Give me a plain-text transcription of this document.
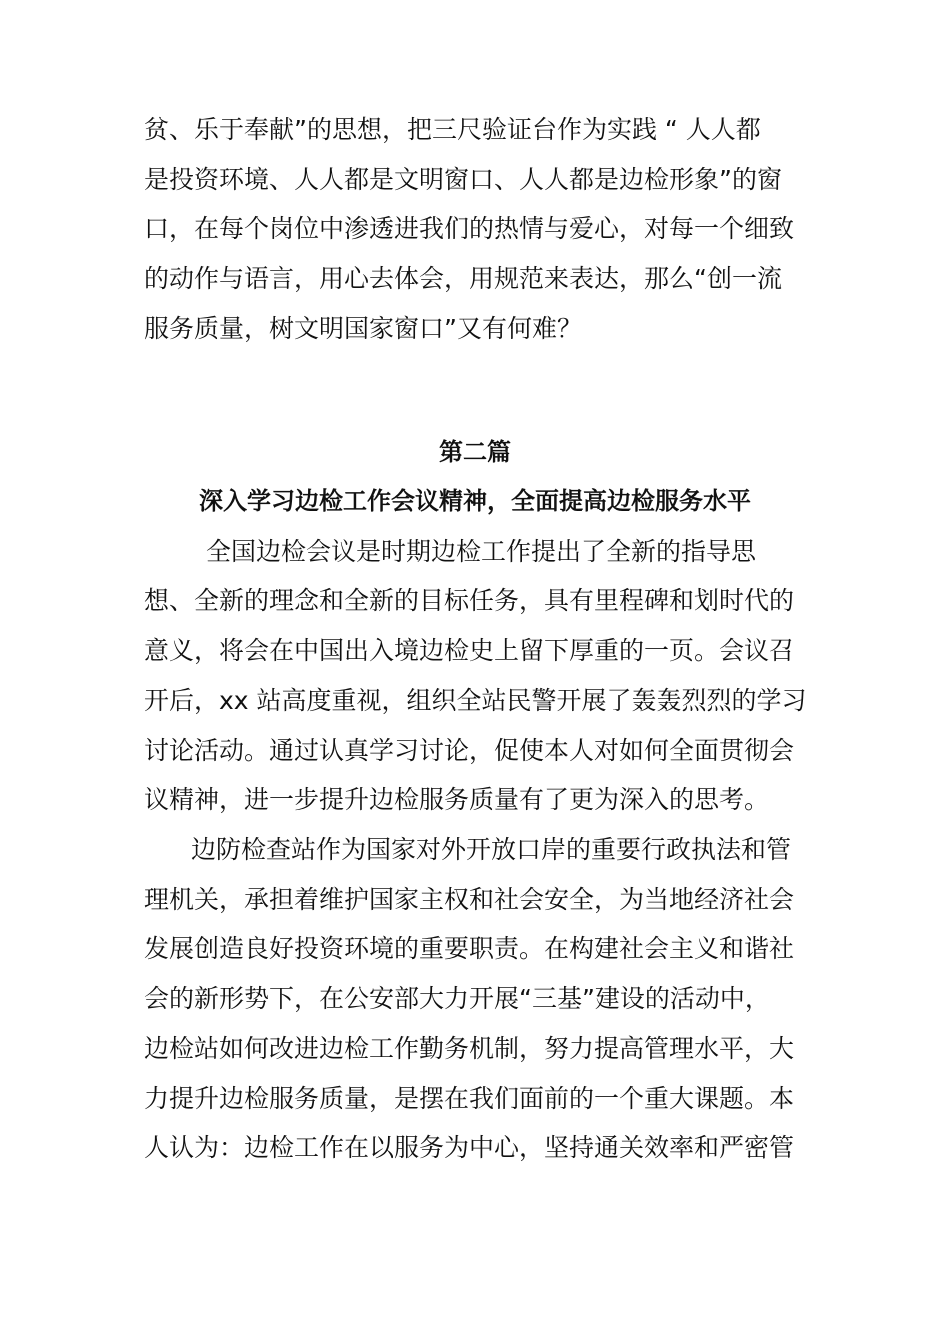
贫、乐于奉献”的思想，把三尺验证台作为实践 “ 人人都
是投资环境、人人都是文明窗口、人人都是边检形象”的窗
口，在每个岗位中渗透进我们的热情与爱心，对每一个细致
的动作与语言，用心去体会，用规范来表达，那么“创一流
服务质量，树文明国家窗口”又有何难？
第二篇
深入学习边检工作会议精神，全面提高边检服务水平
全国边检会议是时期边检工作提出了全新的指导思
想、全新的理念和全新的目标任务，具有里程碑和划时代的
意义，将会在中国出入境边检史上留下厚重的一页。会议召
开后，xx 站高度重视，组织全站民警开展了轰轰烈烈的学习
讨论活动。通过认真学习讨论，促使本人对如何全面贯彻会
议精神，进一步提升边检服务质量有了更为深入的思考。
边防检查站作为国家对外开放口岸的重要行政执法和管
理机关，承担着维护国家主权和社会安全，为当地经济社会
发展创造良好投资环境的重要职责。在构建社会主义和谐社
会的新形势下，在公安部大力开展“三基”建设的活动中，
边检站如何改进边检工作勤务机制，努力提高管理水平，大
力提升边检服务质量，是摆在我们面前的一个重大课题。本
人认为：边检工作在以服务为中心，坚持通关效率和严密管
